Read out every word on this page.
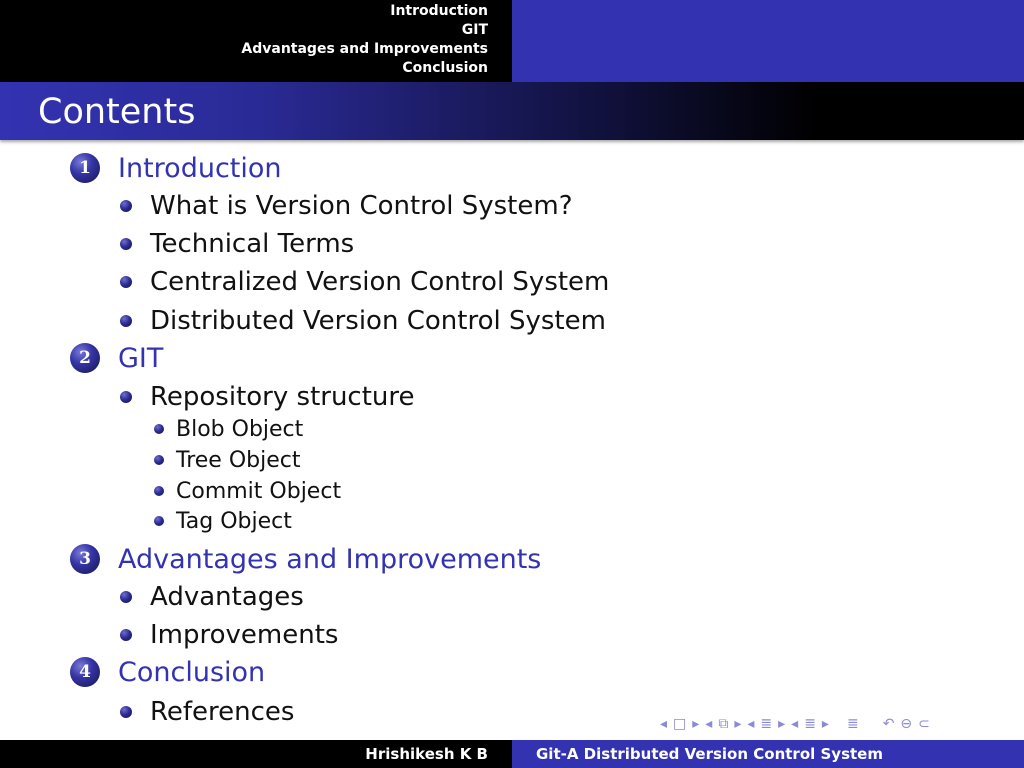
Introduction
GIT
Advantages and Improvements
Conclusion
Contents
1	Introduction
What is Version Control System?
Technical Terms
Centralized Version Control System
Distributed Version Control System
2	GIT
Repository structure
Blob Object
Tree Object
Commit Object
Tag Object
3	Advantages and Improvements
Advantages
Improvements
4	Conclusion
References	◂ □ ▸ ◂ ⧉ ▸ ◂ ≣ ▸ ◂ ≣ ▸ ≣ ↶ ⊖ ⊂
Hrishikesh K B	Git-A Distributed Version Control System
